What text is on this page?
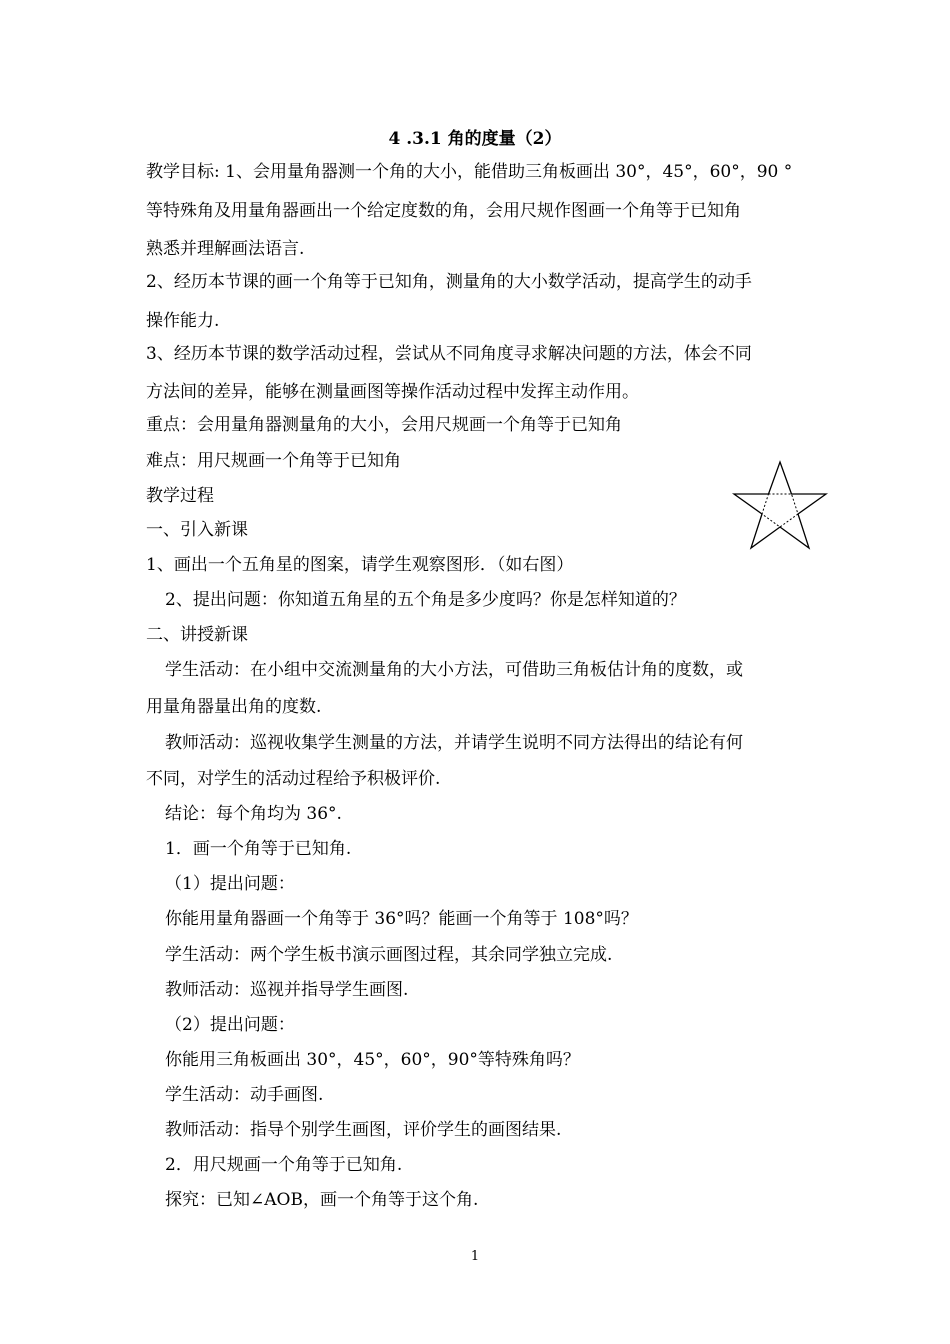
4 .3.1 角的度量（2）
教学目标: 1、会用量角器测一个角的大小，能借助三角板画出 30°，45°，60°，90 °
等特殊角及用量角器画出一个给定度数的角，会用尺规作图画一个角等于已知角
熟悉并理解画法语言.
2、经历本节课的画一个角等于已知角，测量角的大小数学活动，提高学生的动手
操作能力.
3、经历本节课的数学活动过程，尝试从不同角度寻求解决问题的方法，体会不同
方法间的差异，能够在测量画图等操作活动过程中发挥主动作用。
重点：会用量角器测量角的大小，会用尺规画一个角等于已知角
难点：用尺规画一个角等于已知角
教学过程
一、引入新课
1、画出一个五角星的图案，请学生观察图形．（如右图）
2、提出问题：你知道五角星的五个角是多少度吗？你是怎样知道的？
二、讲授新课
学生活动：在小组中交流测量角的大小方法，可借助三角板估计角的度数，或
用量角器量出角的度数.
教师活动：巡视收集学生测量的方法，并请学生说明不同方法得出的结论有何
不同，对学生的活动过程给予积极评价.
结论：每个角均为 36°.
1．画一个角等于已知角.
（1）提出问题：
你能用量角器画一个角等于 36°吗？能画一个角等于 108°吗？
学生活动：两个学生板书演示画图过程，其余同学独立完成.
教师活动：巡视并指导学生画图.
（2）提出问题：
你能用三角板画出 30°，45°，60°，90°等特殊角吗？
学生活动：动手画图.
教师活动：指导个别学生画图，评价学生的画图结果.
2．用尺规画一个角等于已知角.
探究：已知∠AOB，画一个角等于这个角.
1
